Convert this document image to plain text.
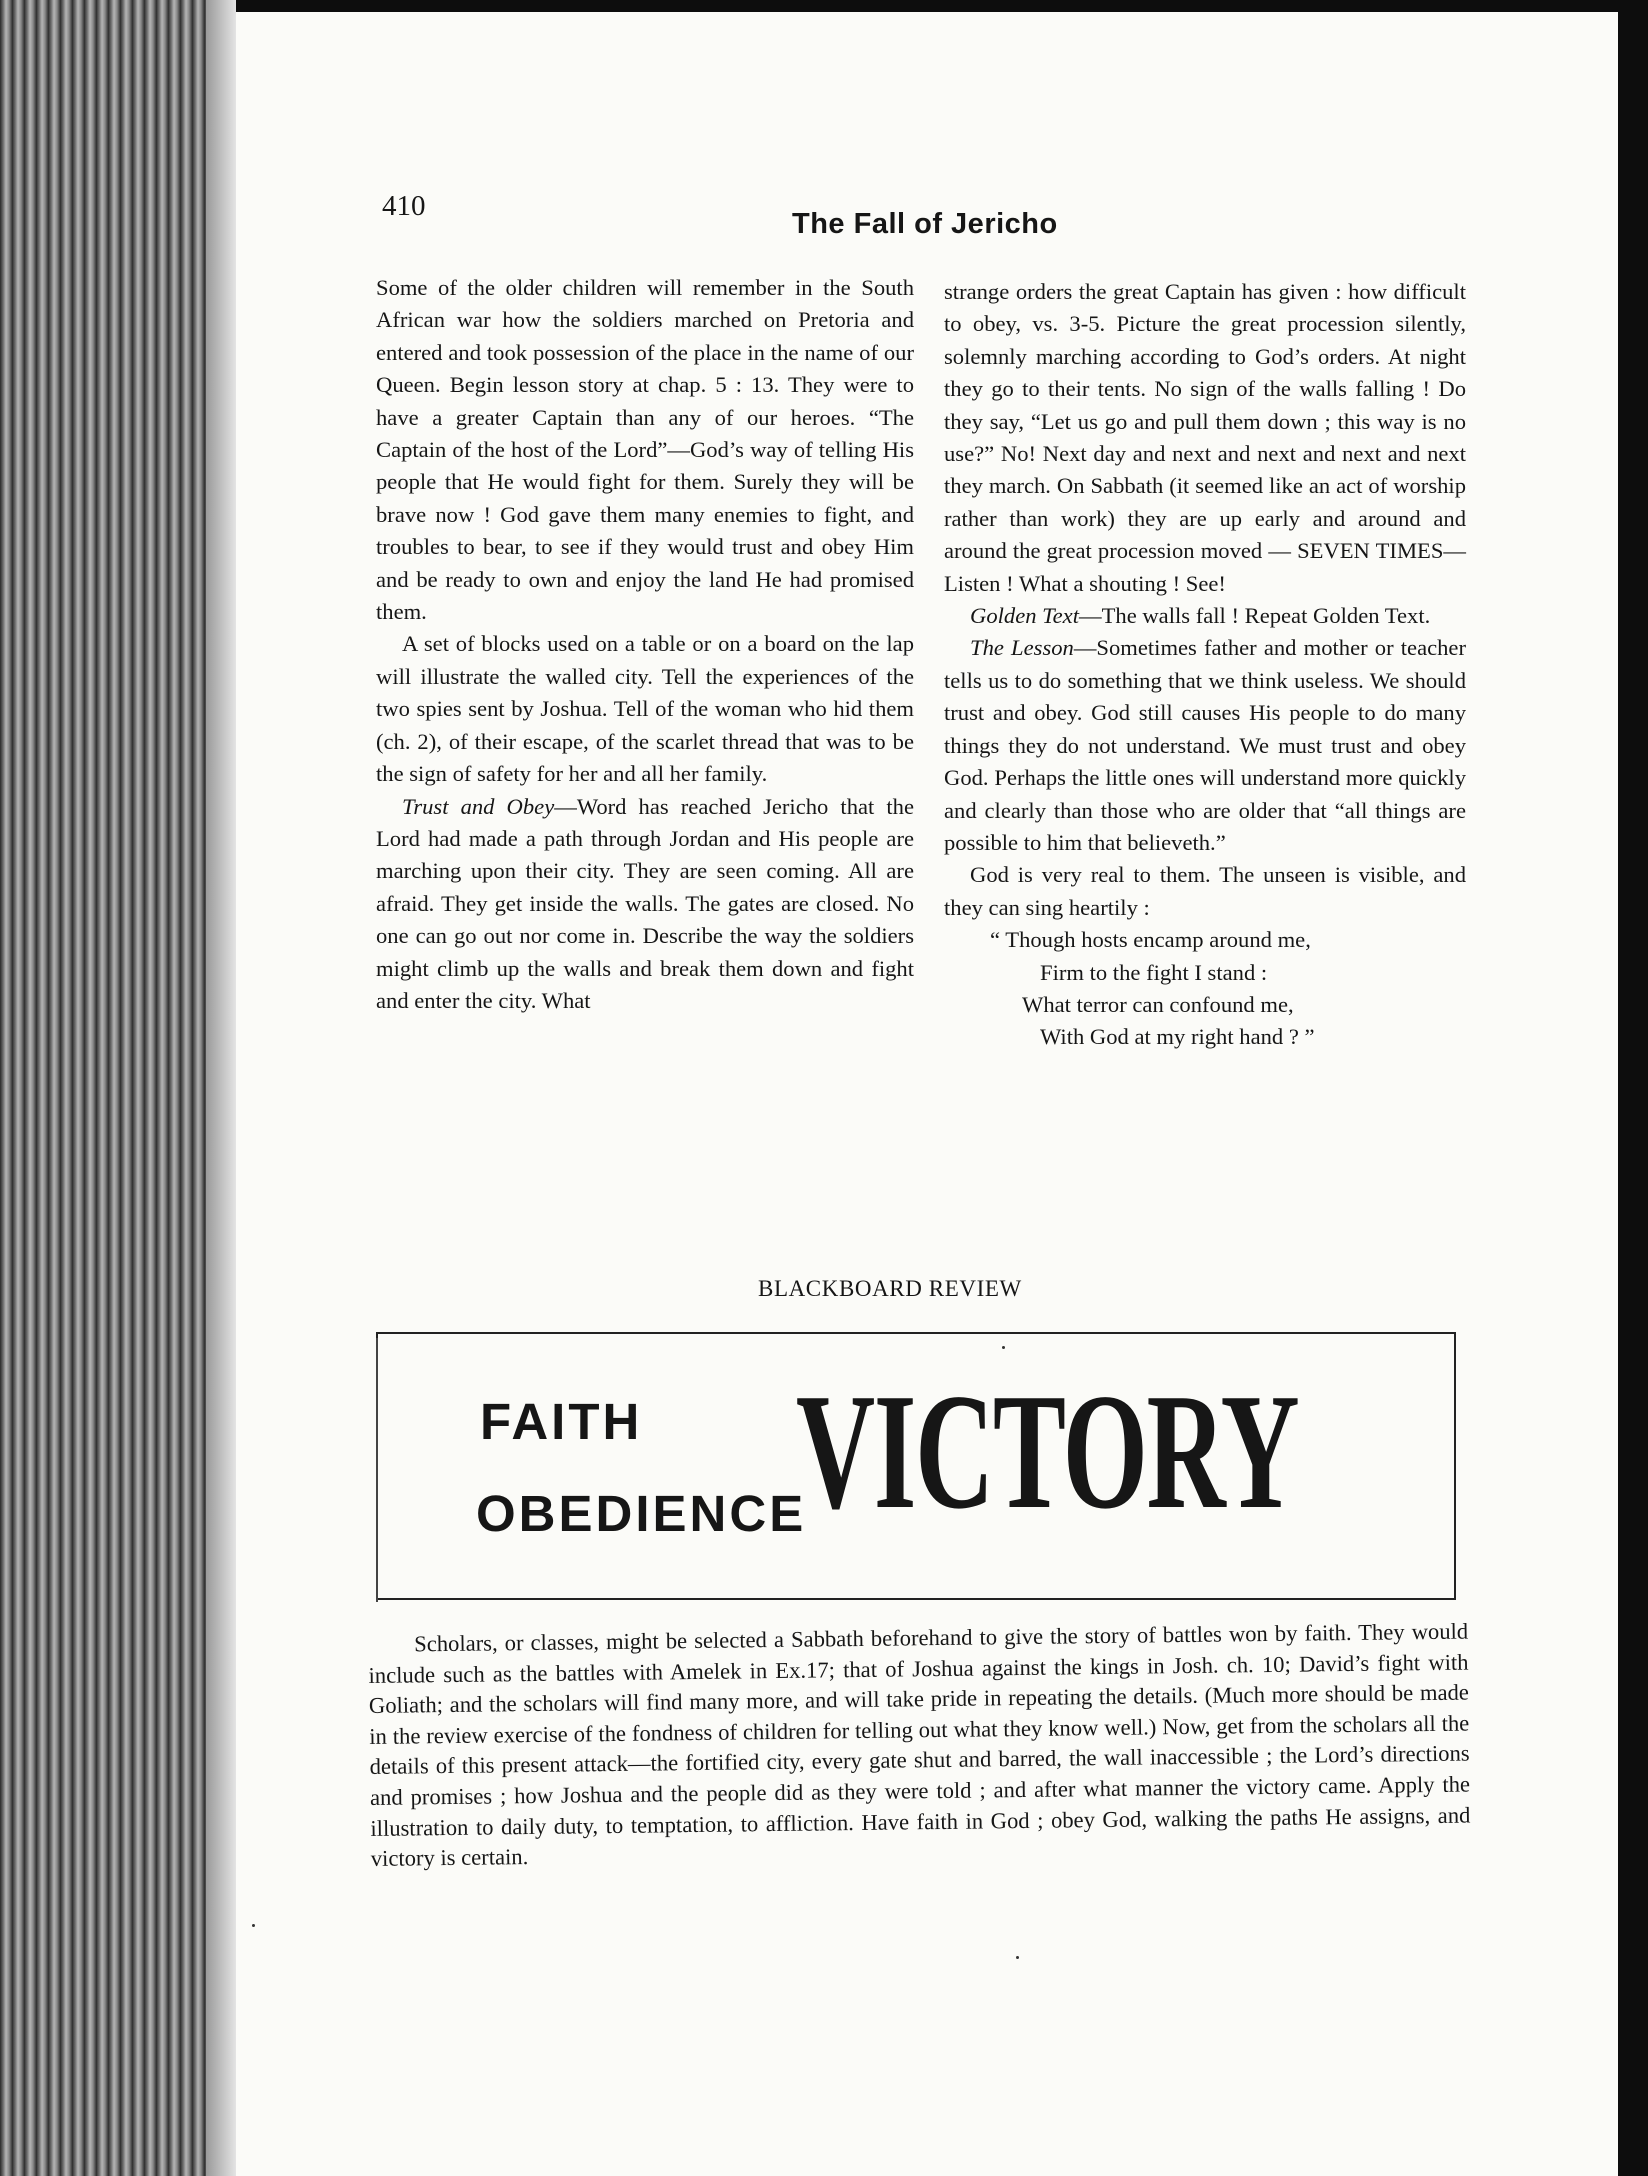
410
The Fall of Jericho

Some of the older children will remember in the South African war how the soldiers marched on Pretoria and entered and took possession of the place in the name of our Queen. Begin lesson story at chap. 5 : 13. They were to have a greater Captain than any of our heroes. “The Captain of the host of the Lord”—God’s way of telling His people that He would fight for them. Surely they will be brave now ! God gave them many enemies to fight, and troubles to bear, to see if they would trust and obey Him and be ready to own and enjoy the land He had promised them.

A set of blocks used on a table or on a board on the lap will illustrate the walled city. Tell the experiences of the two spies sent by Joshua. Tell of the woman who hid them (ch. 2), of their escape, of the scarlet thread that was to be the sign of safety for her and all her family.

Trust and Obey—Word has reached Jericho that the Lord had made a path through Jordan and His people are marching upon their city. They are seen coming. All are afraid. They get inside the walls. The gates are closed. No one can go out nor come in. Describe the way the soldiers might climb up the walls and break them down and fight and enter the city. What

strange orders the great Captain has given : how difficult to obey, vs. 3-5. Picture the great procession silently, solemnly marching according to God’s orders. At night they go to their tents. No sign of the walls falling ! Do they say, “Let us go and pull them down ; this way is no use?” No! Next day and next and next and next and next they march. On Sabbath (it seemed like an act of worship rather than work) they are up early and around and around the great procession moved — SEVEN TIMES—Listen ! What a shouting ! See!

Golden Text—The walls fall ! Repeat Golden Text.

The Lesson—Sometimes father and mother or teacher tells us to do something that we think useless. We should trust and obey. God still causes His people to do many things they do not understand. We must trust and obey God. Perhaps the little ones will understand more quickly and clearly than those who are older that “all things are possible to him that believeth.”

God is very real to them. The unseen is visible, and they can sing heartily :

“ Though hosts encamp around me,
Firm to the fight I stand :
What terror can confound me,
With God at my right hand ? ”
BLACKBOARD REVIEW
FAITH
OBEDIENCE
VICTORY

Scholars, or classes, might be selected a Sabbath beforehand to give the story of battles won by faith. They would include such as the battles with Amelek in Ex.17; that of Joshua against the kings in Josh. ch. 10; David’s fight with Goliath; and the scholars will find many more, and will take pride in repeating the details. (Much more should be made in the review exercise of the fondness of children for telling out what they know well.) Now, get from the scholars all the details of this present attack—the fortified city, every gate shut and barred, the wall inaccessible ; the Lord’s directions and promises ; how Joshua and the people did as they were told ; and after what manner the victory came. Apply the illustration to daily duty, to temptation, to affliction. Have faith in God ; obey God, walking the paths He assigns, and victory is certain.
